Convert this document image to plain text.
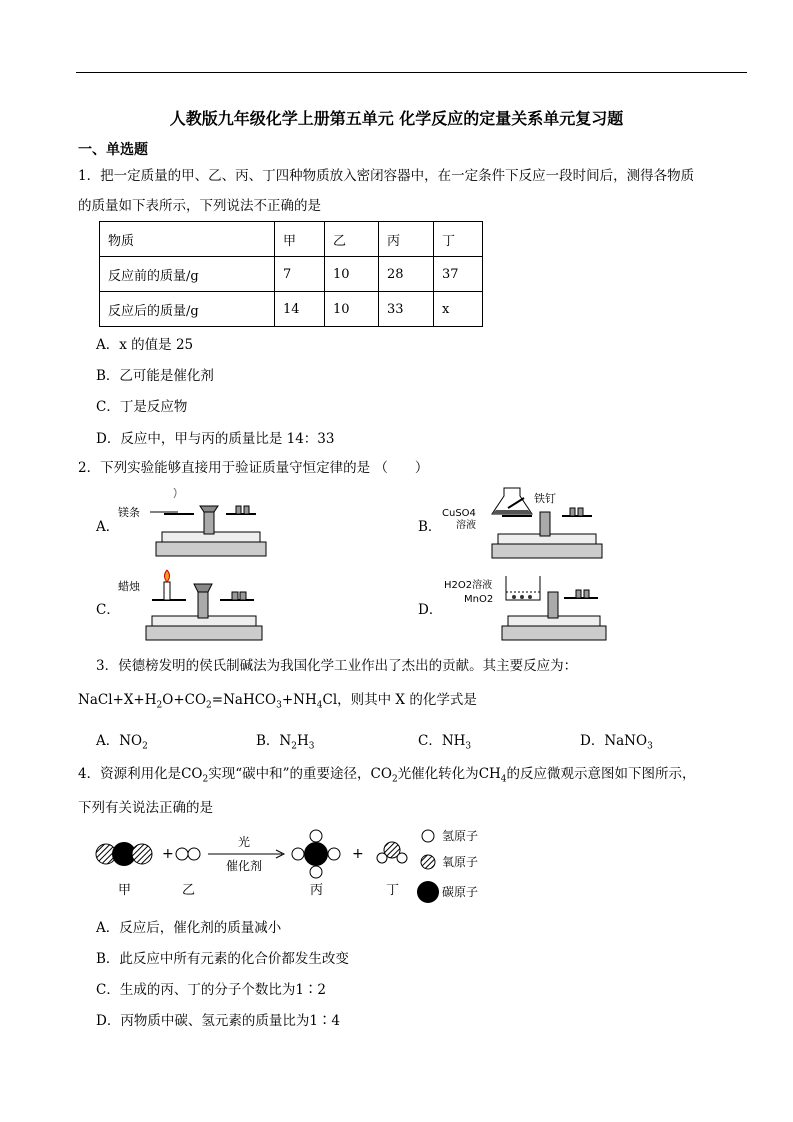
人教版九年级化学上册第五单元 化学反应的定量关系单元复习题
一、单选题
1．把一定质量的甲、乙、丙、丁四种物质放入密闭容器中，在一定条件下反应一段时间后，测得各物质
的质量如下表所示，下列说法不正确的是
物质	甲	乙	丙	丁
反应前的质量/g	7	10	28	37
反应后的质量/g	14	10	33	x
A．x 的值是 25
B．乙可能是催化剂
C．丁是反应物
D．反应中，甲与丙的质量比是 14：33
2．下列实验能够直接用于验证质量守恒定律的是 （　　）
A．	B．
C．	D．
镁条	CuSO4
溶液
铁钉
蜡烛	H2O2溶液
MnO2
3．侯德榜发明的侯氏制碱法为我国化学工业作出了杰出的贡献。其主要反应为：
$NaCl+X+H_2O+CO_2=NaHCO_3+NH_4Cl$，则其中 X 的化学式是
A．$NO_2$	B．$N_2H_3$	C．$NH_3$	D．NaNO$_3$
4．资源利用化是$CO_2$实现“碳中和”的重要途径，$CO_2$光催化转化为$CH_4$的反应微观示意图如下图所示，
下列有关说法正确的是
+
光
催化剂
+
甲	乙	丙	丁
氢原子
氧原子
碳原子
A．反应后，催化剂的质量减小
B．此反应中所有元素的化合价都发生改变
C．生成的丙、丁的分子个数比为1∶2
D．丙物质中碳、氢元素的质量比为1∶4
